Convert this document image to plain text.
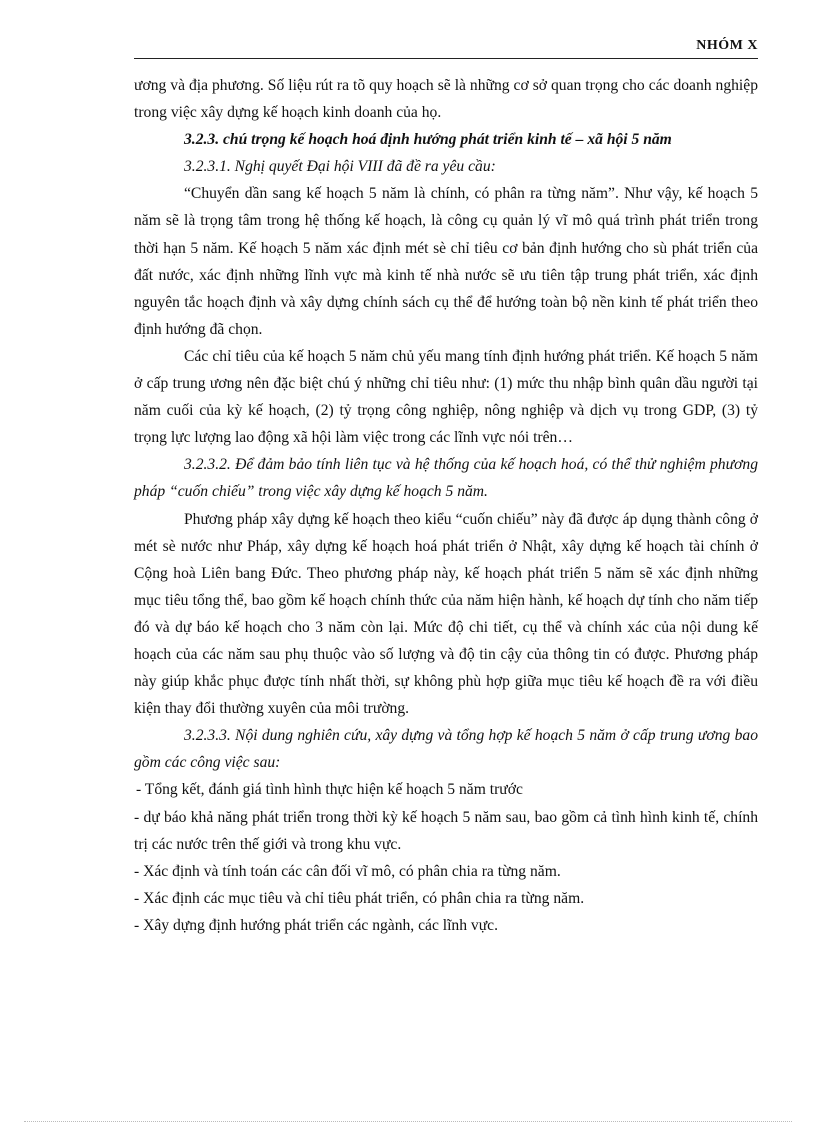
NHÓM X

ương và địa phương. Số liệu rút ra tõ quy hoạch sẽ là những cơ sở quan trọng cho các doanh nghiệp trong việc xây dựng kế hoạch kinh doanh của họ.

3.2.3. chú trọng kế hoạch hoá định hướng phát triển kinh tế – xã hội 5 năm

3.2.3.1. Nghị quyết Đại hội VIII đã đề ra yêu cầu:

“Chuyển dần sang kế hoạch 5 năm là chính, có phân ra từng năm”. Như vậy, kế hoạch 5 năm sẽ là trọng tâm trong hệ thống kế hoạch, là công cụ quản lý vĩ mô quá trình phát triển trong thời hạn 5 năm. Kế hoạch 5 năm xác định mét sè chỉ tiêu cơ bản định hướng cho sù phát triển của đất nước, xác định những lĩnh vực mà kinh tế nhà nước sẽ ưu tiên tập trung phát triển, xác định nguyên tắc hoạch định và xây dựng chính sách cụ thể để hướng toàn bộ nền kinh tế phát triển theo định hướng đã chọn.

Các chỉ tiêu của kế hoạch 5 năm chủ yếu mang tính định hướng phát triển. Kế hoạch 5 năm ở cấp trung ương nên đặc biệt chú ý những chỉ tiêu như: (1) mức thu nhập bình quân dầu người tại năm cuối của kỳ kế hoạch, (2) tỷ trọng công nghiệp, nông nghiệp và dịch vụ trong GDP, (3) tỷ trọng lực lượng lao động xã hội làm việc trong các lĩnh vực nói trên…

3.2.3.2. Để đảm bảo tính liên tục và hệ thống của kế hoạch hoá, có thể thử nghiệm phương pháp “cuốn chiếu” trong việc xây dựng kế hoạch 5 năm.

Phương pháp xây dựng kế hoạch theo kiểu “cuốn chiếu” này đã được áp dụng thành công ở mét sè nước như Pháp, xây dựng kế hoạch hoá phát triển ở Nhật, xây dựng kế hoạch tài chính ở Cộng hoà Liên bang Đức. Theo phương pháp này, kế hoạch phát triển 5 năm sẽ xác định những mục tiêu tổng thể, bao gồm kế hoạch chính thức của năm hiện hành, kế hoạch dự tính cho năm tiếp đó và dự báo kế hoạch cho 3 năm còn lại. Mức độ chi tiết, cụ thể và chính xác của nội dung kế hoạch của các năm sau phụ thuộc vào số lượng và độ tin cậy của thông tin có được. Phương pháp này giúp khắc phục được tính nhất thời, sự không phù hợp giữa mục tiêu kế hoạch đề ra với điều kiện thay đổi thường xuyên của môi trường.

3.2.3.3. Nội dung nghiên cứu, xây dựng và tổng hợp kế hoạch 5 năm ở cấp trung ương bao gồm các công việc sau:

- Tổng kết, đánh giá tình hình thực hiện kế hoạch 5 năm trước

- dự báo khả năng phát triển trong thời kỳ kế hoạch 5 năm sau, bao gồm cả tình hình kinh tế, chính trị các nước trên thế giới và trong khu vực.

- Xác định và tính toán các cân đối vĩ mô, có phân chia ra từng năm.

- Xác định các mục tiêu và chỉ tiêu phát triển, có phân chia ra từng năm.

- Xây dựng định hướng phát triển các ngành, các lĩnh vực.
